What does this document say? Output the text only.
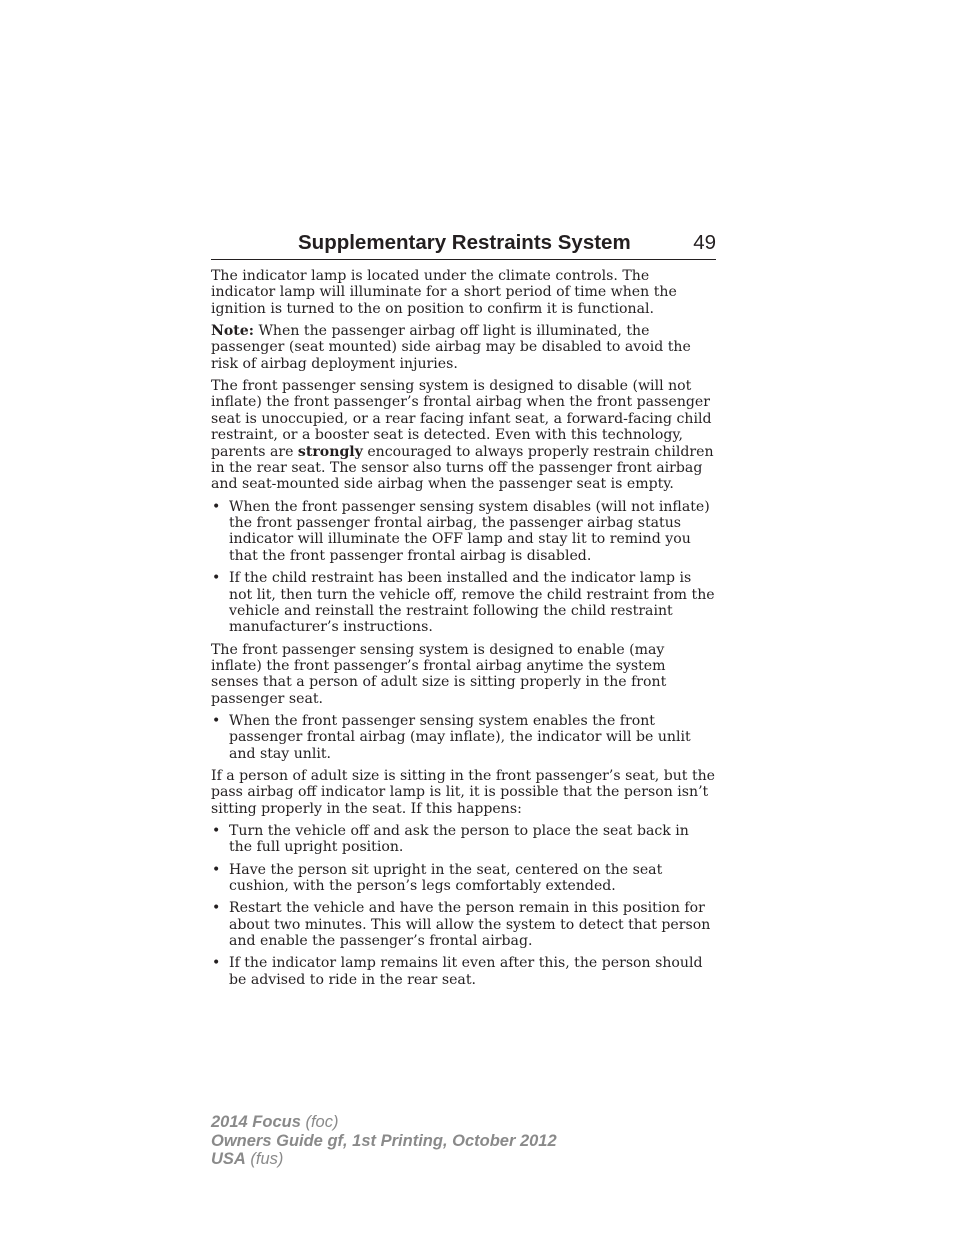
Supplementary Restraints System	49

The indicator lamp is located under the climate controls. The indicator lamp will illuminate for a short period of time when the ignition is turned to the on position to confirm it is functional.

Note: When the passenger airbag off light is illuminated, the passenger (seat mounted) side airbag may be disabled to avoid the risk of airbag deployment injuries.

The front passenger sensing system is designed to disable (will not inflate) the front passenger’s frontal airbag when the front passenger seat is unoccupied, or a rear facing infant seat, a forward-facing child restraint, or a booster seat is detected. Even with this technology, parents are strongly encouraged to always properly restrain children in the rear seat. The sensor also turns off the passenger front airbag and seat-mounted side airbag when the passenger seat is empty.

• When the front passenger sensing system disables (will not inflate) the front passenger frontal airbag, the passenger airbag status indicator will illuminate the OFF lamp and stay lit to remind you that the front passenger frontal airbag is disabled.
• If the child restraint has been installed and the indicator lamp is not lit, then turn the vehicle off, remove the child restraint from the vehicle and reinstall the restraint following the child restraint manufacturer’s instructions.

The front passenger sensing system is designed to enable (may inflate) the front passenger’s frontal airbag anytime the system senses that a person of adult size is sitting properly in the front passenger seat.

• When the front passenger sensing system enables the front passenger frontal airbag (may inflate), the indicator will be unlit and stay unlit.

If a person of adult size is sitting in the front passenger’s seat, but the pass airbag off indicator lamp is lit, it is possible that the person isn’t sitting properly in the seat. If this happens:

• Turn the vehicle off and ask the person to place the seat back in the full upright position.
• Have the person sit upright in the seat, centered on the seat cushion, with the person’s legs comfortably extended.
• Restart the vehicle and have the person remain in this position for about two minutes. This will allow the system to detect that person and enable the passenger’s frontal airbag.
• If the indicator lamp remains lit even after this, the person should be advised to ride in the rear seat.
2014 Focus (foc)
Owners Guide gf, 1st Printing, October 2012
USA (fus)
